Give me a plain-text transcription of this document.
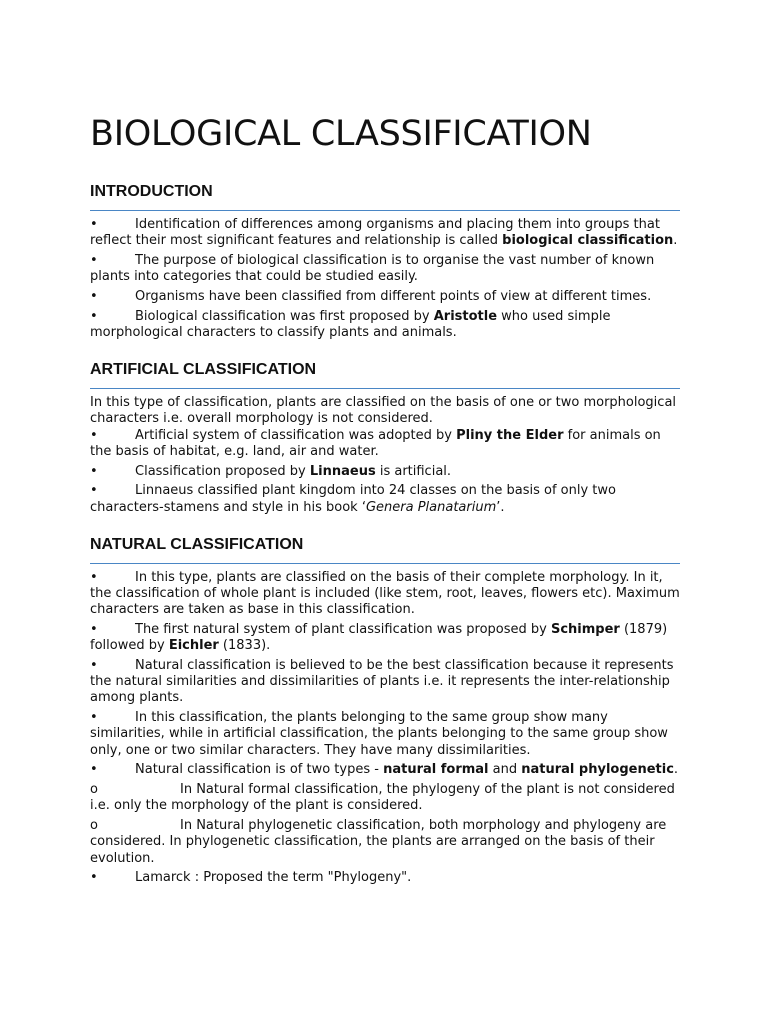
BIOLOGICAL CLASSIFICATION
INTRODUCTION

•	Identification of differences among organisms and placing them into groups that reflect their most significant features and relationship is called biological classification.

•	The purpose of biological classification is to organise the vast number of known plants into categories that could be studied easily.

•	Organisms have been classified from different points of view at different times.

•	Biological classification was first proposed by Aristotle who used simple morphological characters to classify plants and animals.

ARTIFICIAL CLASSIFICATION

In this type of classification, plants are classified on the basis of one or two morphological characters i.e. overall morphology is not considered.

•	Artificial system of classification was adopted by Pliny the Elder for animals on the basis of habitat, e.g. land, air and water.

•	Classification proposed by Linnaeus is artificial.

•	Linnaeus classified plant kingdom into 24 classes on the basis of only two characters-stamens and style in his book ‘Genera Planatarium’.

NATURAL CLASSIFICATION

•	In this type, plants are classified on the basis of their complete morphology. In it, the classification of whole plant is included (like stem, root, leaves, flowers etc). Maximum characters are taken as base in this classification.

•	The first natural system of plant classification was proposed by Schimper (1879) followed by Eichler (1833).

•	Natural classification is believed to be the best classification because it represents the natural similarities and dissimilarities of plants i.e. it represents the inter-relationship among plants.

•	In this classification, the plants belonging to the same group show many similarities, while in artificial classification, the plants belonging to the same group show only, one or two similar characters. They have many dissimilarities.

•	Natural classification is of two types - natural formal and natural phylogenetic.

o	In Natural formal classification, the phylogeny of the plant is not considered i.e. only the morphology of the plant is considered.

o	In Natural phylogenetic classification, both morphology and phylogeny are considered. In phylogenetic classification, the plants are arranged on the basis of their evolution.

•	Lamarck : Proposed the term "Phylogeny".
